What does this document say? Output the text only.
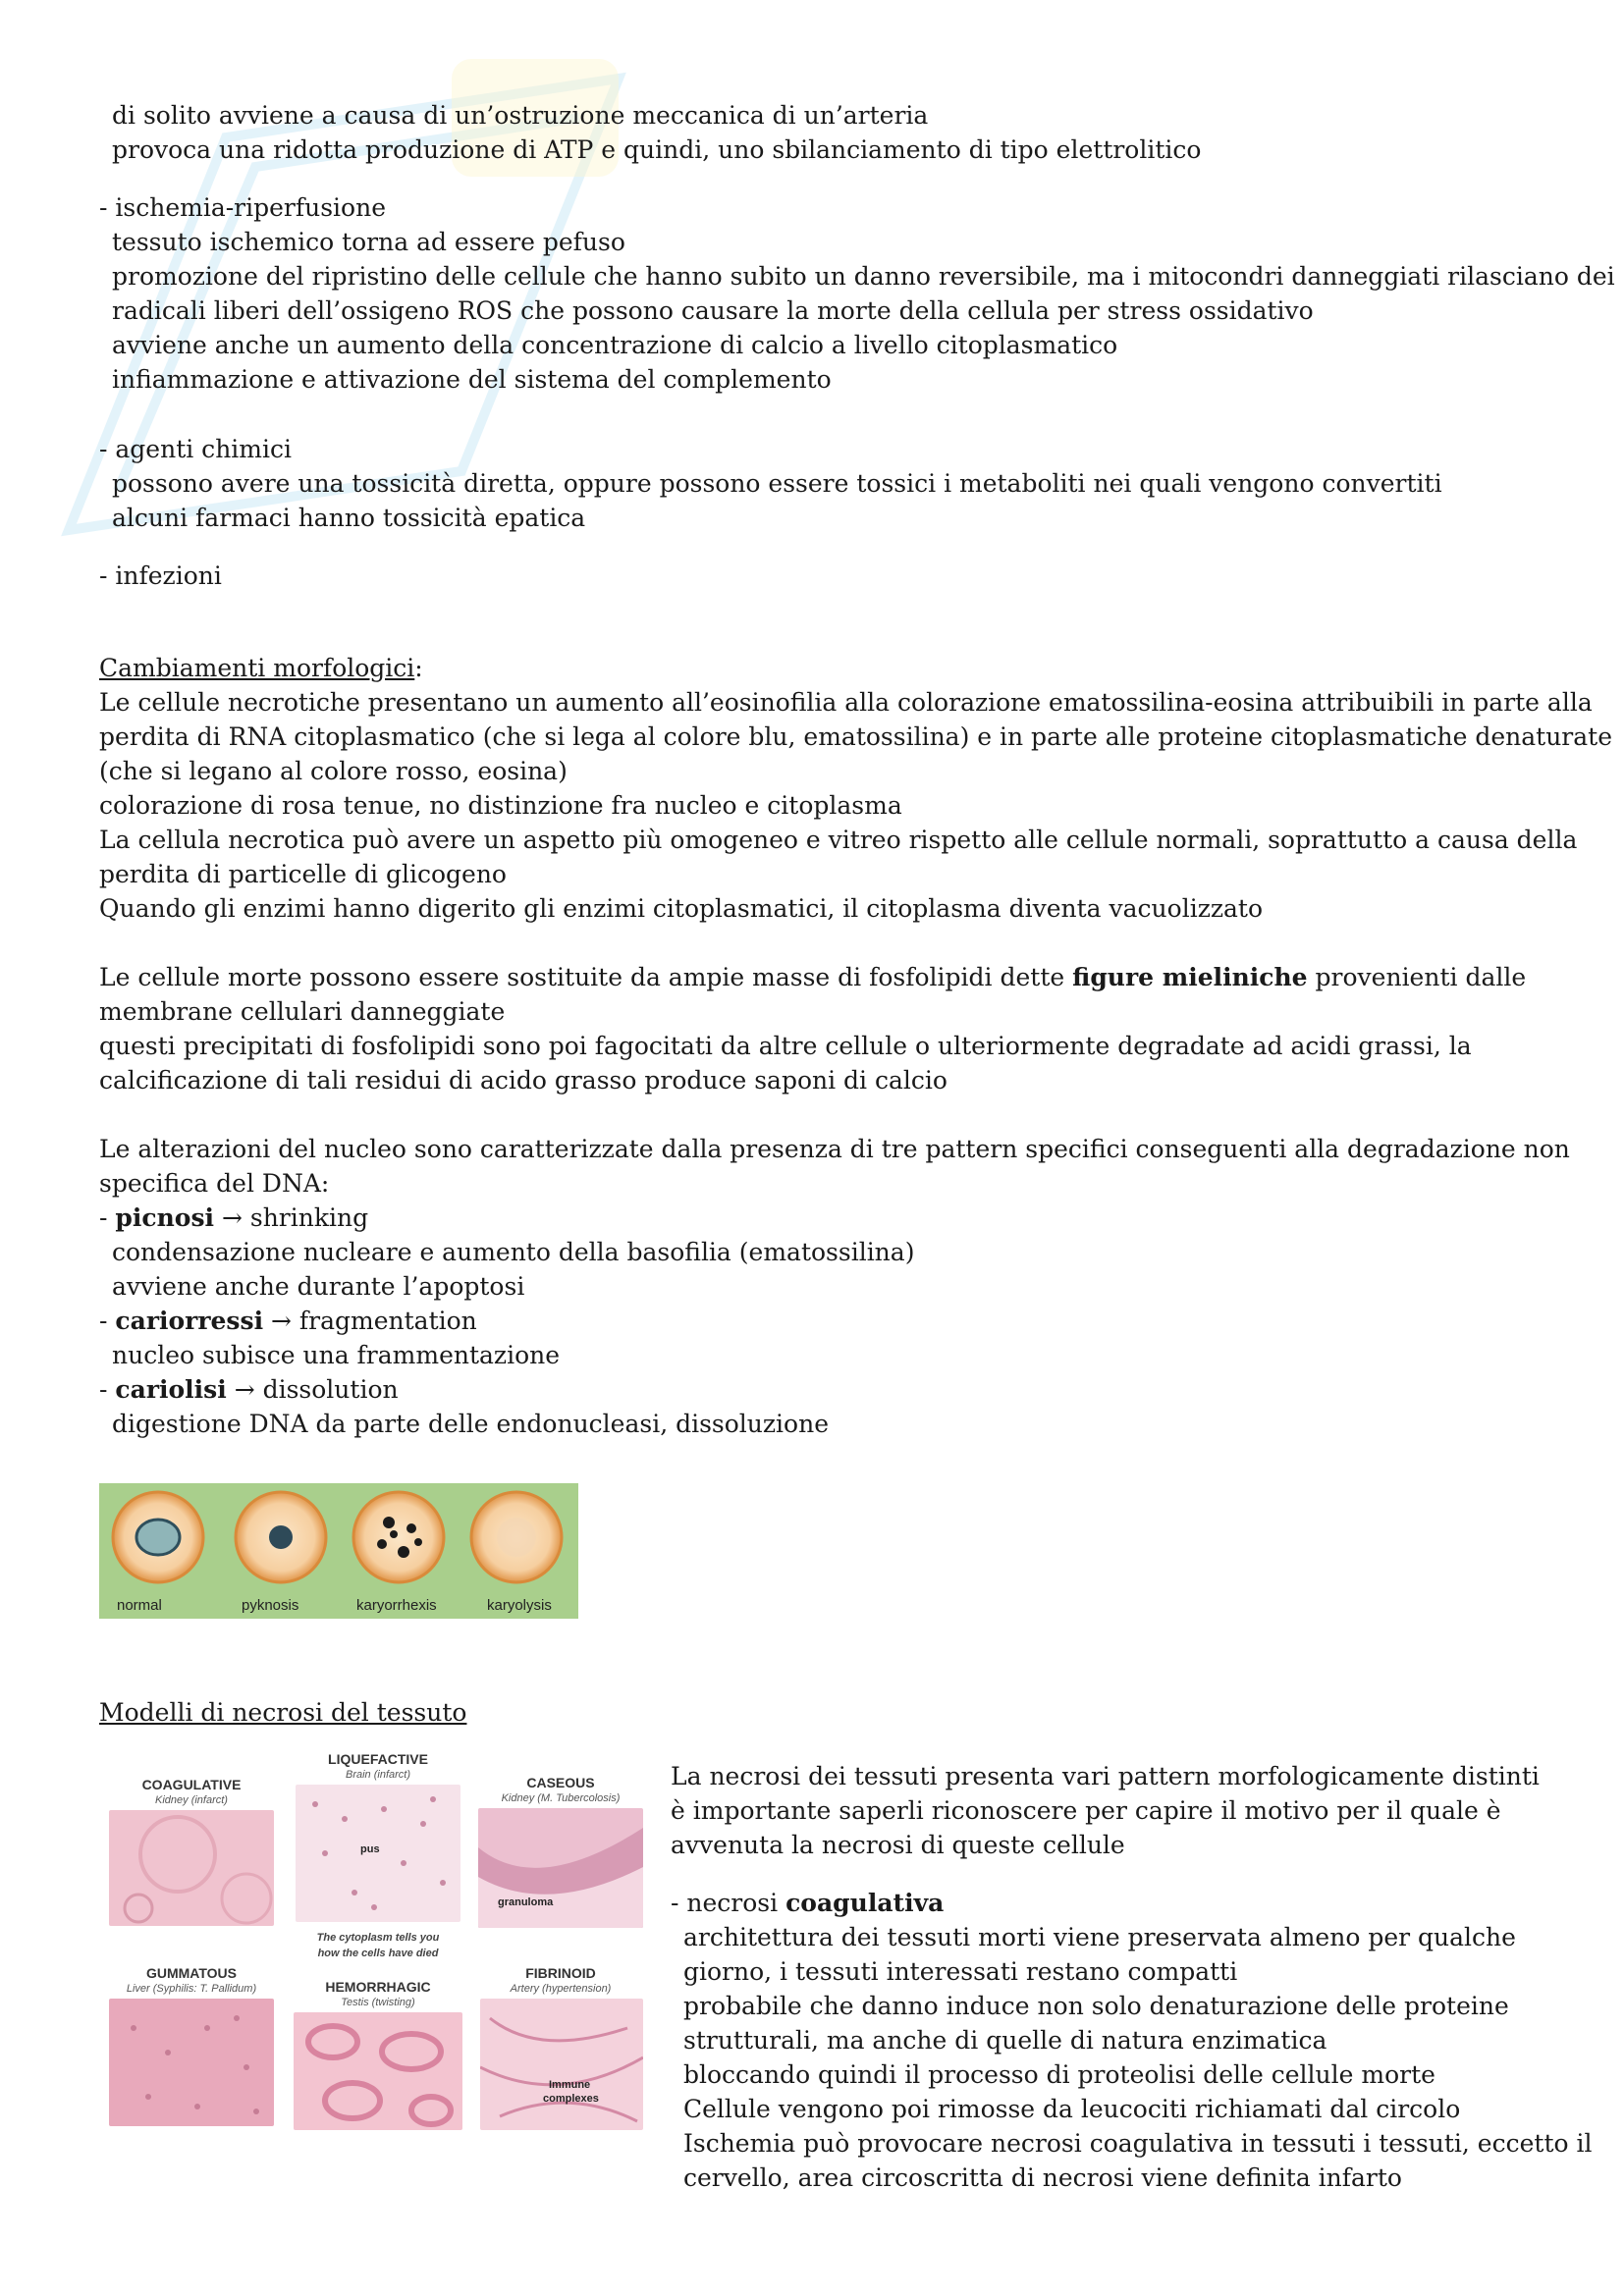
di solito avviene a causa di un’ostruzione meccanica di un’arteria
provoca una ridotta produzione di ATP e quindi, uno sbilanciamento di tipo elettrolitico
- ischemia-riperfusione
tessuto ischemico torna ad essere pefuso
promozione del ripristino delle cellule che hanno subito un danno reversibile, ma i mitocondri danneggiati rilasciano dei
radicali liberi dell’ossigeno ROS che possono causare la morte della cellula per stress ossidativo
avviene anche un aumento della concentrazione di calcio a livello citoplasmatico
infiammazione e attivazione del sistema del complemento
- agenti chimici
possono avere una tossicità diretta, oppure possono essere tossici i metaboliti nei quali vengono convertiti
alcuni farmaci hanno tossicità epatica
- infezioni
Cambiamenti morfologici:
Le cellule necrotiche presentano un aumento all’eosinofilia alla colorazione ematossilina-eosina attribuibili in parte alla
perdita di RNA citoplasmatico (che si lega al colore blu, ematossilina) e in parte alle proteine citoplasmatiche denaturate
(che si legano al colore rosso, eosina)
colorazione di rosa tenue, no distinzione fra nucleo e citoplasma
La cellula necrotica può avere un aspetto più omogeneo e vitreo rispetto alle cellule normali, soprattutto a causa della
perdita di particelle di glicogeno
Quando gli enzimi hanno digerito gli enzimi citoplasmatici, il citoplasma diventa vacuolizzato
Le cellule morte possono essere sostituite da ampie masse di fosfolipidi dette figure mieliniche provenienti dalle
membrane cellulari danneggiate
questi precipitati di fosfolipidi sono poi fagocitati da altre cellule o ulteriormente degradate ad acidi grassi, la
calcificazione di tali residui di acido grasso produce saponi di calcio
Le alterazioni del nucleo sono caratterizzate dalla presenza di tre pattern specifici conseguenti alla degradazione non
specifica del DNA:
- picnosi → shrinking
condensazione nucleare e aumento della basofilia (ematossilina)
avviene anche durante l’apoptosi
- cariorressi → fragmentation
nucleo subisce una frammentazione
- cariolisi → dissolution
digestione DNA da parte delle endonucleasi, dissoluzione
normal	pyknosis	karyorrhexis	karyolysis
Modelli di necrosi del tessuto
COAGULATIVE
Kidney (infarct)
LIQUEFACTIVE
Brain (infarct)
pus
The cytoplasm tells you
how the cells have died
CASEOUS
Kidney (M. Tubercolosis)
granuloma
GUMMATOUS
Liver (Syphilis: T. Pallidum)	HEMORRHAGIC
Testis (twisting)
FIBRINOID
Artery (hypertension)
Immune
complexes
La necrosi dei tessuti presenta vari pattern morfologicamente distinti
è importante saperli riconoscere per capire il motivo per il quale è
avvenuta la necrosi di queste cellule
- necrosi coagulativa
architettura dei tessuti morti viene preservata almeno per qualche
giorno, i tessuti interessati restano compatti
probabile che danno induce non solo denaturazione delle proteine
strutturali, ma anche di quelle di natura enzimatica
bloccando quindi il processo di proteolisi delle cellule morte
Cellule vengono poi rimosse da leucociti richiamati dal circolo
Ischemia può provocare necrosi coagulativa in tessuti i tessuti, eccetto il
cervello, area circoscritta di necrosi viene definita infarto
